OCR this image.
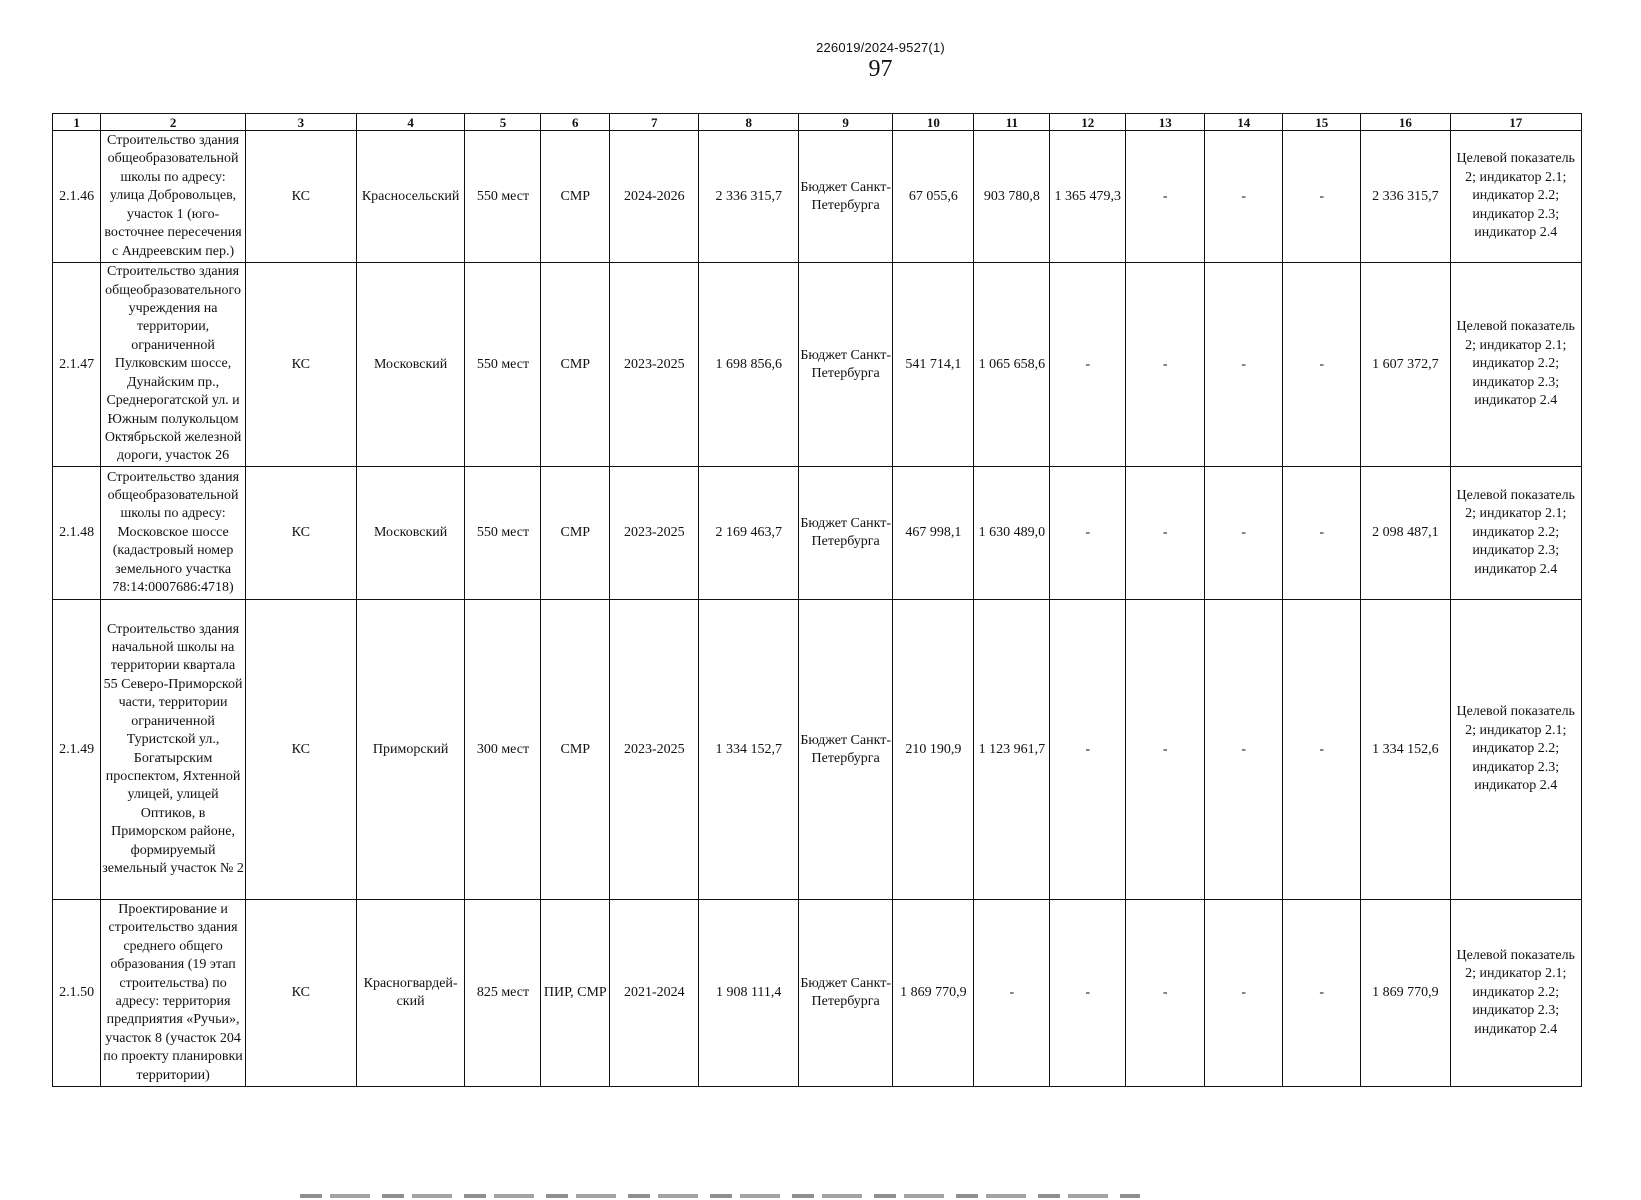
226019/2024-9527(1)
97
1	2	3	4	5	6	7	8	9	10	11	12	13	14	15	16	17
2.1.46	Строительство здания общеобразовательной школы по адресу: улица Добровольцев, участок 1 (юго-восточнее пересечения с Андреевским пер.)	КС	Красносельский	550 мест	СМР	2024-2026	2 336 315,7	Бюджет Санкт-Петербурга	67 055,6	903 780,8	1 365 479,3	-	-	-	2 336 315,7	Целевой показатель 2; индикатор 2.1; индикатор 2.2; индикатор 2.3; индикатор 2.4
2.1.47	Строительство здания общеобразовательного учреждения на территории, ограниченной Пулковским шоссе, Дунайским пр., Среднерогатской ул. и Южным полукольцом Октябрьской железной дороги, участок 26	КС	Московский	550 мест	СМР	2023-2025	1 698 856,6	Бюджет Санкт-Петербурга	541 714,1	1 065 658,6	-	-	-	-	1 607 372,7	Целевой показатель 2; индикатор 2.1; индикатор 2.2; индикатор 2.3; индикатор 2.4
2.1.48	Строительство здания общеобразовательной школы по адресу: Московское шоссе (кадастровый номер земельного участка 78:14:0007686:4718)	КС	Московский	550 мест	СМР	2023-2025	2 169 463,7	Бюджет Санкт-Петербурга	467 998,1	1 630 489,0	-	-	-	-	2 098 487,1	Целевой показатель 2; индикатор 2.1; индикатор 2.2; индикатор 2.3; индикатор 2.4
2.1.49	Строительство здания начальной школы на территории квартала 55 Северо-Приморской части, территории ограниченной Туристской ул., Богатырским проспектом, Яхтенной улицей, улицей Оптиков, в Приморском районе, формируемый земельный участок № 2	КС	Приморский	300 мест	СМР	2023-2025	1 334 152,7	Бюджет Санкт-Петербурга	210 190,9	1 123 961,7	-	-	-	-	1 334 152,6	Целевой показатель 2; индикатор 2.1; индикатор 2.2; индикатор 2.3; индикатор 2.4
2.1.50	Проектирование и строительство здания среднего общего образования (19 этап строительства) по адресу: территория предприятия «Ручьи», участок 8 (участок 204 по проекту планировки территории)	КС	Красногвардей-ский	825 мест	ПИР, СМР	2021-2024	1 908 111,4	Бюджет Санкт-Петербурга	1 869 770,9	-	-	-	-	-	1 869 770,9	Целевой показатель 2; индикатор 2.1; индикатор 2.2; индикатор 2.3; индикатор 2.4
